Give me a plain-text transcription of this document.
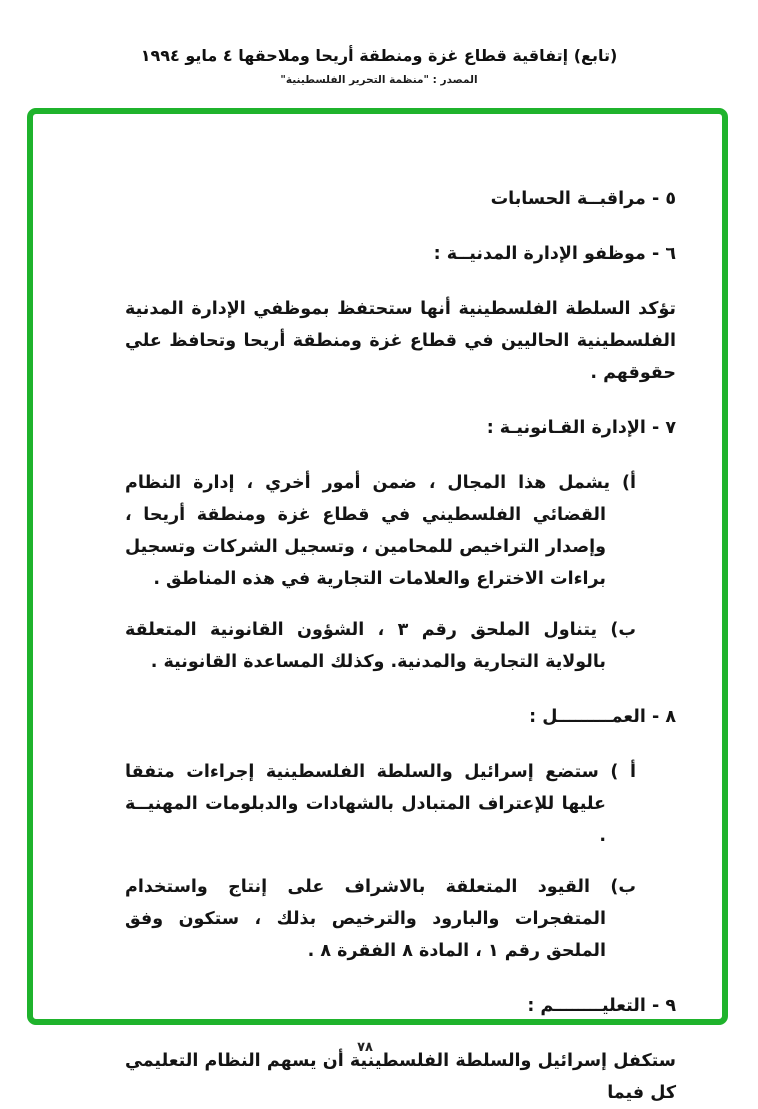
(تابع) إتفاقية قطاع غزة ومنطقة أريحا وملاحقها ٤ مايو ١٩٩٤
المصدر : "منظمة التحرير الفلسطينية"
٥ - مراقبــة الحسابات
٦ - موظفو الإدارة المدنيــة :
تؤكد السلطة الفلسطينية أنها ستحتفظ بموظفي الإدارة المدنية الفلسطينية الحاليين في قطاع غزة ومنطقة أريحا وتحافظ علي حقوقهم .
٧ - الإدارة القـانونيـة :
أ) يشمل هذا المجال ، ضمن أمور أخري ، إدارة النظام القضائي الفلسطيني في قطاع غزة ومنطقة أريحا ، وإصدار التراخيص للمحامين ، وتسجيل الشركات وتسجيل براءات الاختراع والعلامات التجارية في هذه المناطق .
ب) يتناول الملحق رقم ٣ ، الشؤون القانونية المتعلقة بالولاية التجارية والمدنية. وكذلك المساعدة القانونية .
٨ - العمـــــــــل :
أ ) ستضع إسرائيل والسلطة الفلسطينية إجراءات متفقا عليها للإعتراف المتبادل بالشهادات والدبلومات المهنيــة .
ب) القيود المتعلقة بالاشراف على إنتاج واستخدام المتفجرات والبارود والترخيص بذلك ، ستكون وفق الملحق رقم ١ ، المادة ٨ الفقرة ٨ .
٩ - التعليــــــــم :
ستكفل إسرائيل والسلطة الفلسطينية أن يسهم النظام التعليمي كل فيما
٧٨
